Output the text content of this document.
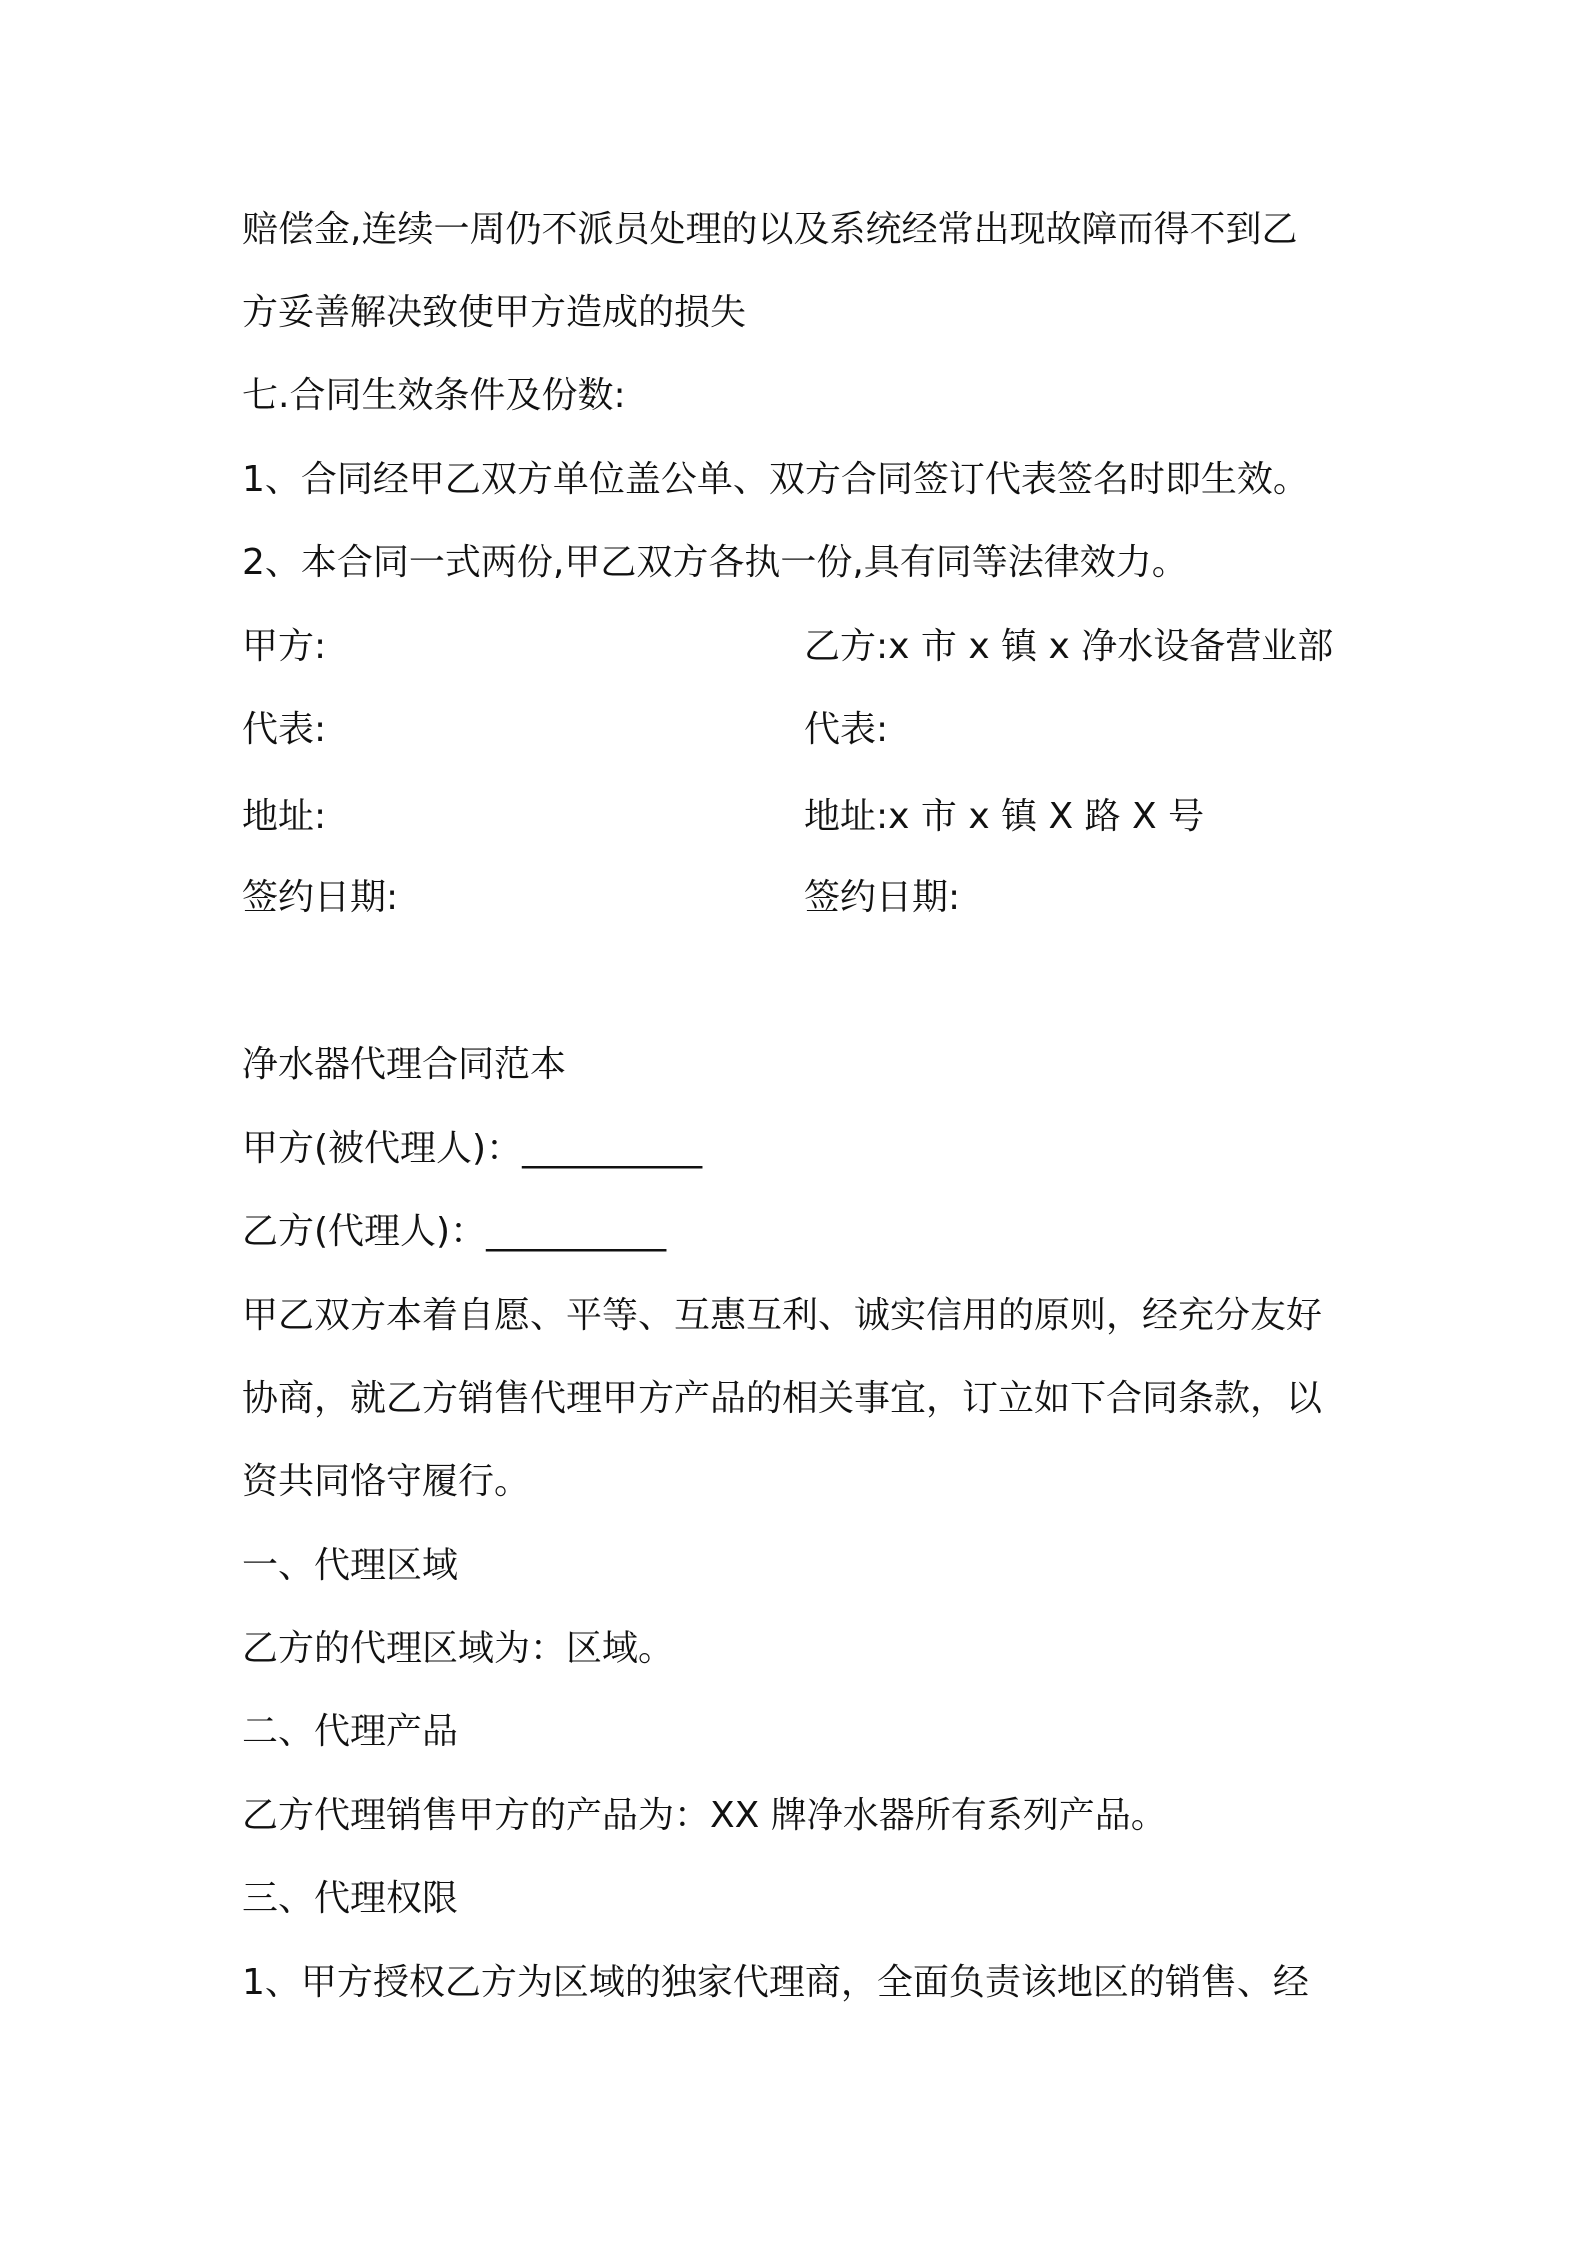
赔偿金,连续一周仍不派员处理的以及系统经常出现故障而得不到乙
方妥善解决致使甲方造成的损失
七.合同生效条件及份数:
1、合同经甲乙双方单位盖公单、双方合同签订代表签名时即生效。
2、本合同一式两份,甲乙双方各执一份,具有同等法律效力。
甲方:	乙方:x 市 x 镇 x 净水设备营业部
代表:	代表:
地址:	地址:x 市 x 镇 X 路 X 号
签约日期:	签约日期:
净水器代理合同范本
甲方(被代理人)：__________
乙方(代理人)：__________
甲乙双方本着自愿、平等、互惠互利、诚实信用的原则，经充分友好
协商，就乙方销售代理甲方产品的相关事宜，订立如下合同条款，以
资共同恪守履行。
一、代理区域
乙方的代理区域为：区域。
二、代理产品
乙方代理销售甲方的产品为：XX 牌净水器所有系列产品。
三、代理权限
1、甲方授权乙方为区域的独家代理商，全面负责该地区的销售、经
